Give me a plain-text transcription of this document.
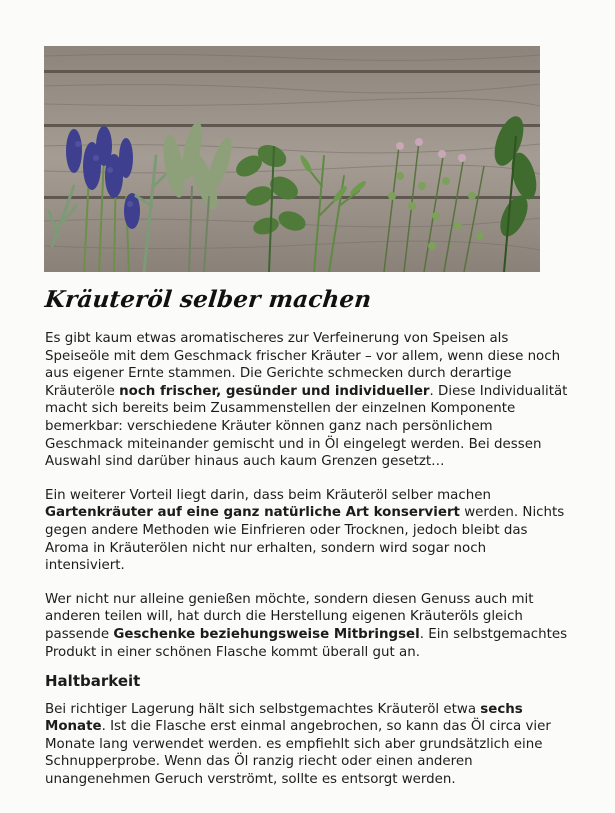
Kräuteröl selber machen

Es gibt kaum etwas aromatischeres zur Verfeinerung von Speisen als Speiseöle mit dem Geschmack frischer Kräuter – vor allem, wenn diese noch aus eigener Ernte stammen. Die Gerichte schmecken durch derartige Kräuteröle noch frischer, gesünder und individueller. Diese Individualität macht sich bereits beim Zusammenstellen der einzelnen Komponente bemerkbar: verschiedene Kräuter können ganz nach persönlichem Geschmack miteinander gemischt und in Öl eingelegt werden. Bei dessen Auswahl sind darüber hinaus auch kaum Grenzen gesetzt…

Ein weiterer Vorteil liegt darin, dass beim Kräuteröl selber machen Gartenkräuter auf eine ganz natürliche Art konserviert werden. Nichts gegen andere Methoden wie Einfrieren oder Trocknen, jedoch bleibt das Aroma in Kräuterölen nicht nur erhalten, sondern wird sogar noch intensiviert.

Wer nicht nur alleine genießen möchte, sondern diesen Genuss auch mit anderen teilen will, hat durch die Herstellung eigenen Kräuteröls gleich passende Geschenke beziehungsweise Mitbringsel. Ein selbstgemachtes Produkt in einer schönen Flasche kommt überall gut an.

Haltbarkeit

Bei richtiger Lagerung hält sich selbstgemachtes Kräuteröl etwa sechs Monate. Ist die Flasche erst einmal angebrochen, so kann das Öl circa vier Monate lang verwendet werden. es empfiehlt sich aber grundsätzlich eine Schnupperprobe. Wenn das Öl ranzig riecht oder einen anderen unangenehmen Geruch verströmt, sollte es entsorgt werden.
